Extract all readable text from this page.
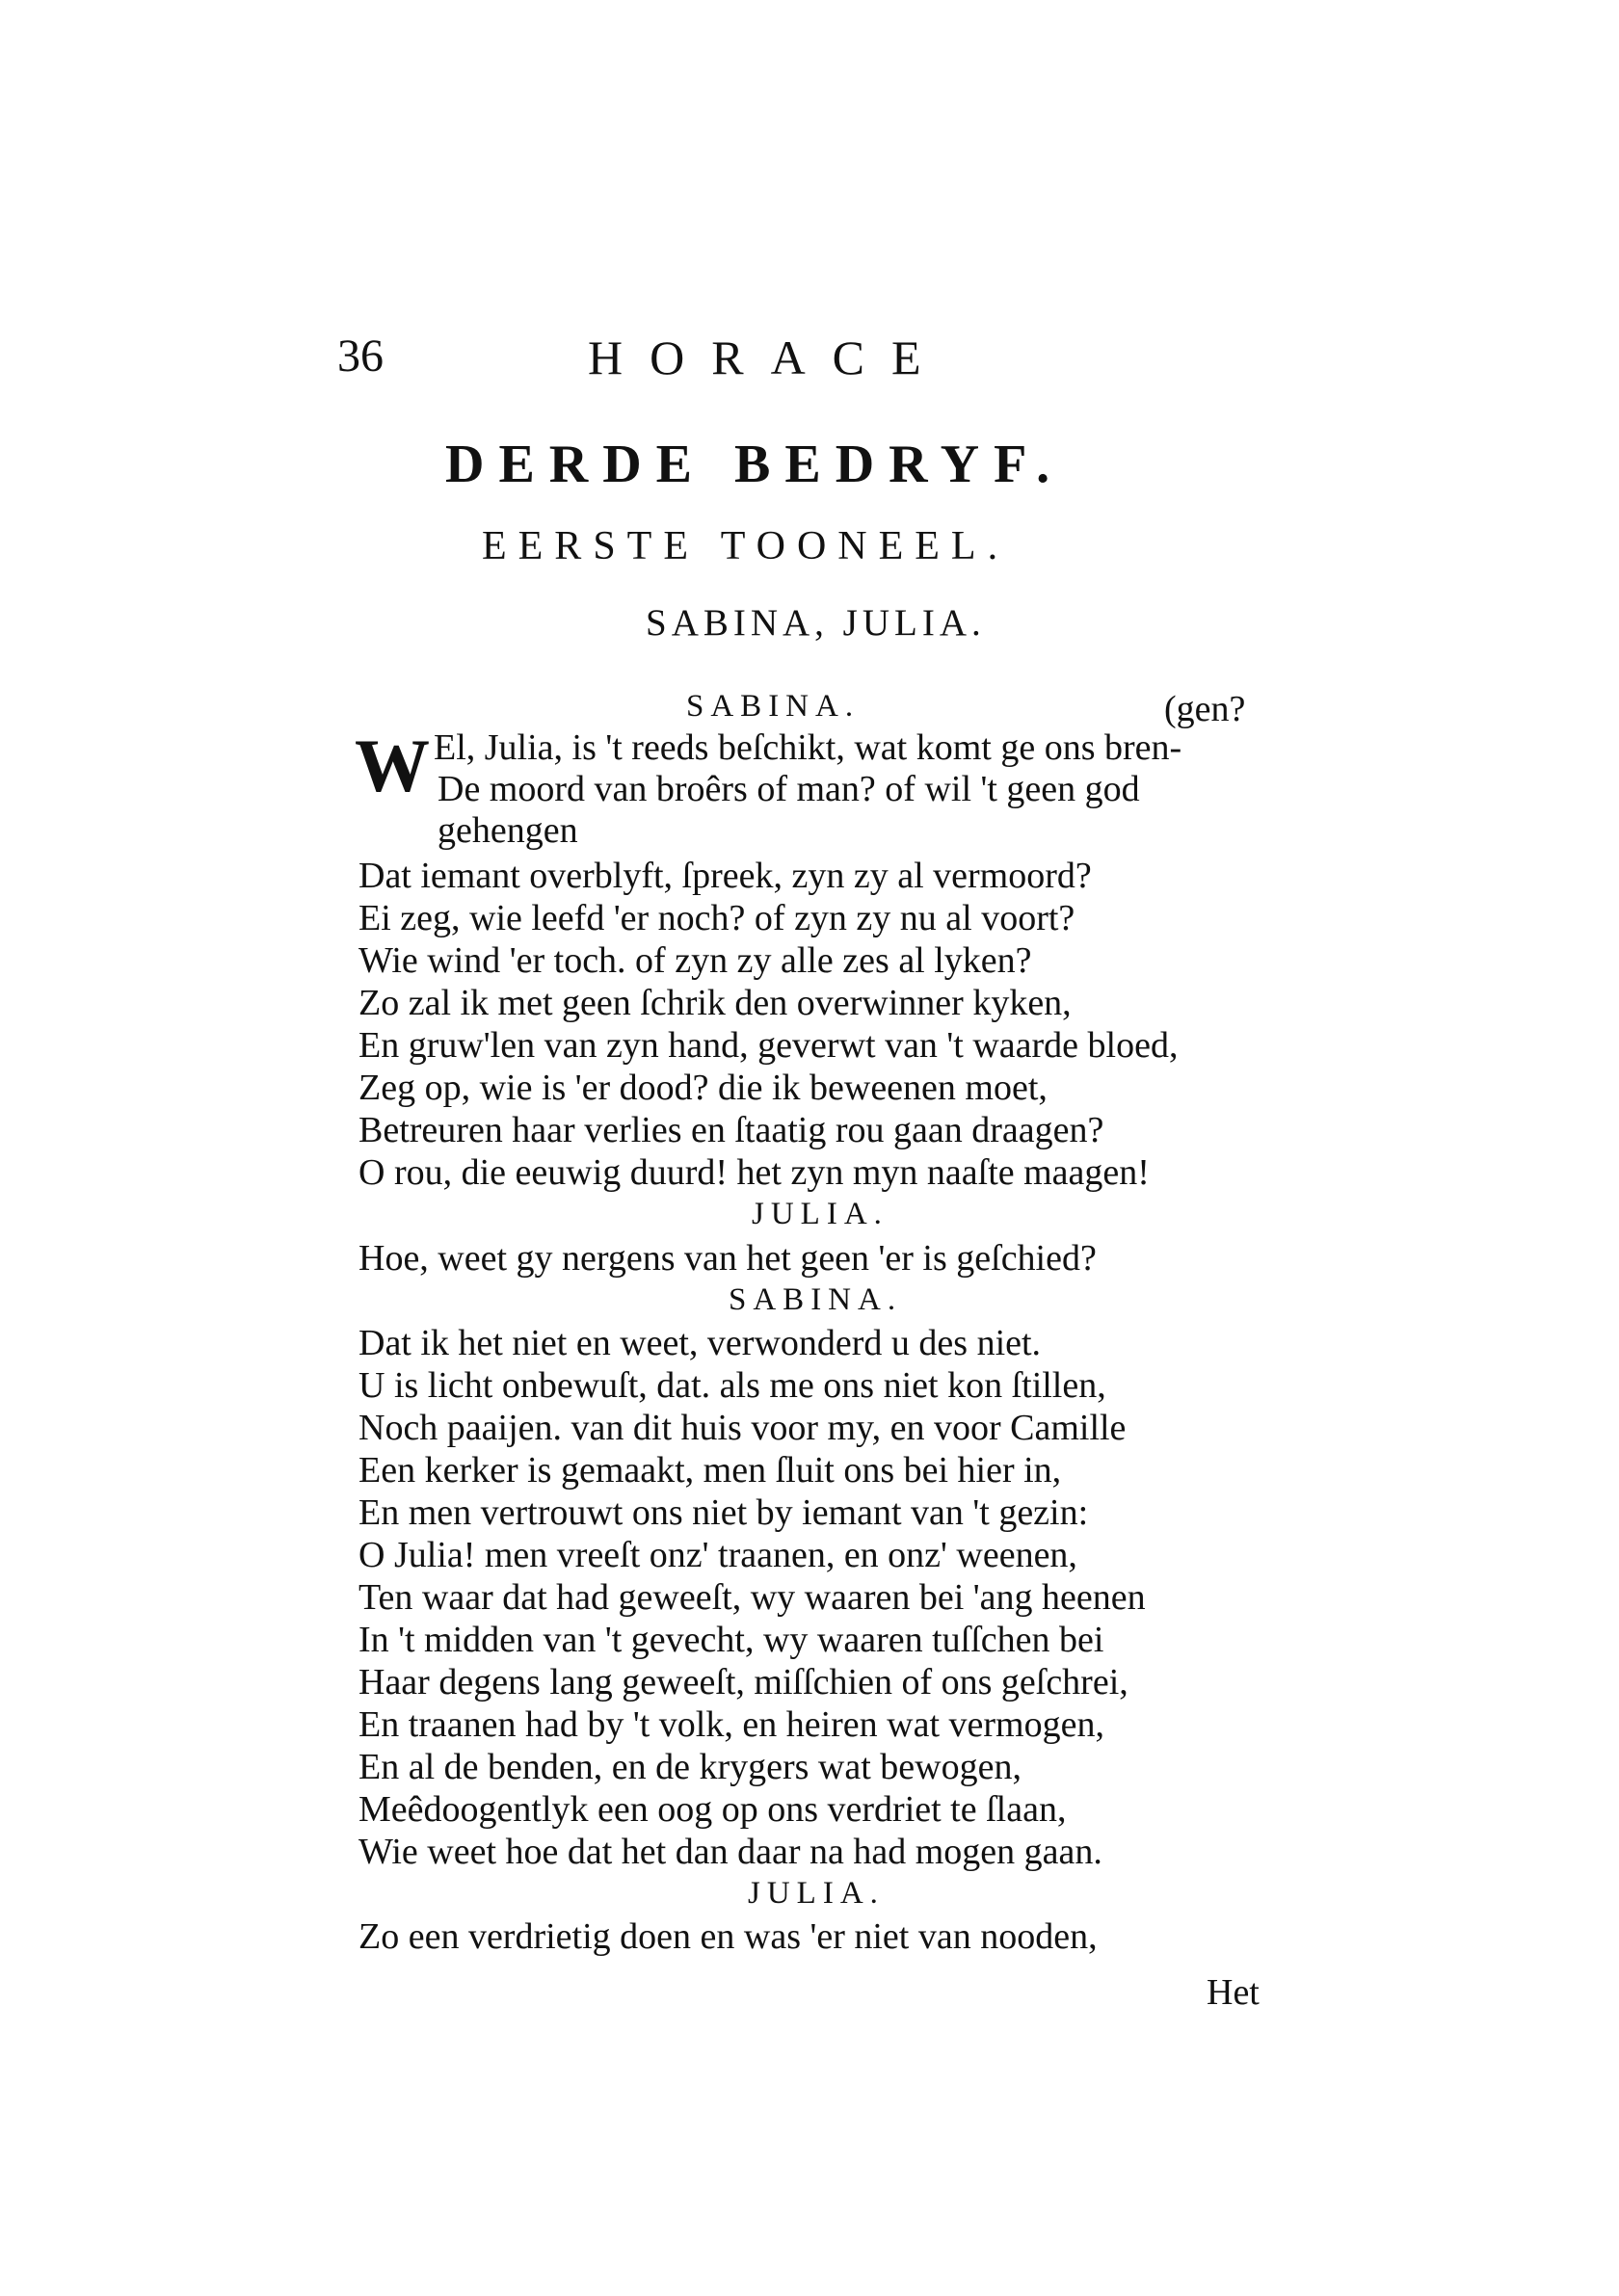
36	HORACE
DERDE BEDRYF.
EERSTE TOONEEL.
SABINA, JULIA.
SABINA.	(gen?
W El, Julia, is 't reeds beſchikt, wat komt ge ons bren-
De moord van broêrs of man? of wil 't geen god
gehengen
Dat iemant overblyft, ſpreek, zyn zy al vermoord?
Ei zeg, wie leefd 'er noch? of zyn zy nu al voort?
Wie wind 'er toch. of zyn zy alle zes al lyken?
Zo zal ik met geen ſchrik den overwinner kyken,
En gruw'len van zyn hand, geverwt van 't waarde bloed,
Zeg op, wie is 'er dood? die ik beweenen moet,
Betreuren haar verlies en ſtaatig rou gaan draagen?
O rou, die eeuwig duurd! het zyn myn naaſte maagen!
JULIA.
Hoe, weet gy nergens van het geen 'er is geſchied?
SABINA.
Dat ik het niet en weet, verwonderd u des niet.
U is licht onbewuſt, dat. als me ons niet kon ſtillen,
Noch paaijen. van dit huis voor my, en voor Camille
Een kerker is gemaakt, men ſluit ons bei hier in,
En men vertrouwt ons niet by iemant van 't gezin:
O Julia! men vreeſt onz' traanen, en onz' weenen,
Ten waar dat had geweeſt, wy waaren bei 'ang heenen
In 't midden van 't gevecht, wy waaren tuſſchen bei
Haar degens lang geweeſt, miſſchien of ons geſchrei,
En traanen had by 't volk, en heiren wat vermogen,
En al de benden, en de krygers wat bewogen,
Meêdoogentlyk een oog op ons verdriet te ſlaan,
Wie weet hoe dat het dan daar na had mogen gaan.
JULIA.
Zo een verdrietig doen en was 'er niet van nooden,
Het
